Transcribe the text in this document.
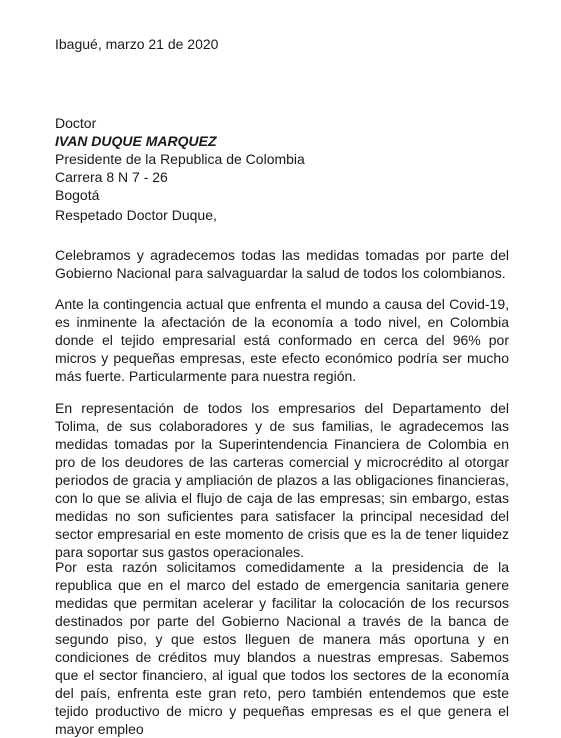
Ibagué, marzo 21 de 2020
Doctor
IVAN DUQUE MARQUEZ
Presidente de la Republica de Colombia
Carrera 8 N 7 - 26
Bogotá
Respetado Doctor Duque,

Celebramos y agradecemos todas las medidas tomadas por parte del Gobierno Nacional para salvaguardar la salud de todos los colombianos.

Ante la contingencia actual que enfrenta el mundo a causa del Covid-19, es inminente la afectación de la economía a todo nivel, en Colombia donde el tejido empresarial está conformado en cerca del 96% por micros y pequeñas empresas, este efecto económico podría ser mucho más fuerte. Particularmente para nuestra región.

En representación de todos los empresarios del Departamento del Tolima, de sus colaboradores y de sus familias, le agradecemos las medidas tomadas por la Superintendencia Financiera de Colombia en pro de los deudores de las carteras comercial y microcrédito al otorgar periodos de gracia y ampliación de plazos a las obligaciones financieras, con lo que se alivia el flujo de caja de las empresas; sin embargo, estas medidas no son suficientes para satisfacer la principal necesidad del sector empresarial en este momento de crisis que es la de tener liquidez para soportar sus gastos operacionales.

Por esta razón solicitamos comedidamente a la presidencia de la republica que en el marco del estado de emergencia sanitaria genere medidas que permitan acelerar y facilitar la colocación de los recursos destinados por parte del Gobierno Nacional a través de la banca de segundo piso, y que estos lleguen de manera más oportuna y en condiciones de créditos muy blandos a nuestras empresas. Sabemos que el sector financiero, al igual que todos los sectores de la economía del país, enfrenta este gran reto, pero también entendemos que este tejido productivo de micro y pequeñas empresas es el que genera el mayor empleo
